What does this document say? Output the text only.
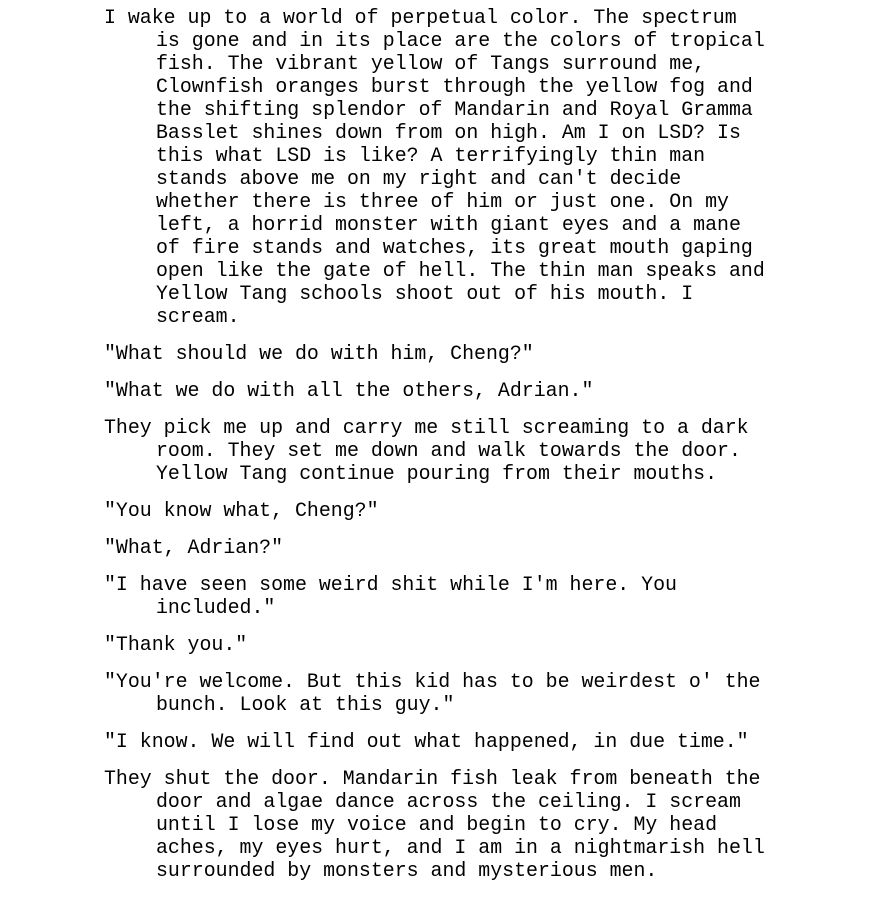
I wake up to a world of perpetual color. The spectrum
is gone and in its place are the colors of tropical
fish. The vibrant yellow of Tangs surround me,
Clownfish oranges burst through the yellow fog and
the shifting splendor of Mandarin and Royal Gramma
Basslet shines down from on high. Am I on LSD? Is
this what LSD is like? A terrifyingly thin man
stands above me on my right and can't decide
whether there is three of him or just one. On my
left, a horrid monster with giant eyes and a mane
of fire stands and watches, its great mouth gaping
open like the gate of hell. The thin man speaks and
Yellow Tang schools shoot out of his mouth. I
scream.

"What should we do with him, Cheng?"

"What we do with all the others, Adrian."

They pick me up and carry me still screaming to a dark
room. They set me down and walk towards the door.
Yellow Tang continue pouring from their mouths.

"You know what, Cheng?"

"What, Adrian?"

"I have seen some weird shit while I'm here. You
included."

"Thank you."

"You're welcome. But this kid has to be weirdest o' the
bunch. Look at this guy."

"I know. We will find out what happened, in due time."

They shut the door. Mandarin fish leak from beneath the
door and algae dance across the ceiling. I scream
until I lose my voice and begin to cry. My head
aches, my eyes hurt, and I am in a nightmarish hell
surrounded by monsters and mysterious men.
